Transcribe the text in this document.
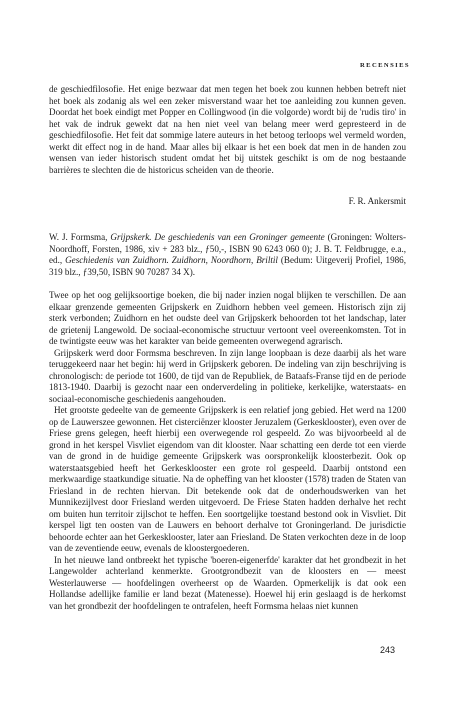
RECENSIES

de geschiedfilosofie. Het enige bezwaar dat men tegen het boek zou kunnen hebben betreft niet het boek als zodanig als wel een zeker misverstand waar het toe aanleiding zou kunnen geven. Doordat het boek eindigt met Popper en Collingwood (in die volgorde) wordt bij de 'rudis tiro' in het vak de indruk gewekt dat na hen niet veel van belang meer werd gepresteerd in de geschiedfilosofie. Het feit dat sommige latere auteurs in het betoog terloops wel vermeld worden, werkt dit effect nog in de hand. Maar alles bij elkaar is het een boek dat men in de handen zou wensen van ieder historisch student omdat het bij uitstek geschikt is om de nog bestaande barrières te slechten die de historicus scheiden van de theorie.

F. R. Ankersmit

W. J. Formsma, Grijpskerk. De geschiedenis van een Groninger gemeente (Groningen: Wolters-Noordhoff, Forsten, 1986, xiv + 283 blz., ƒ50,-, ISBN 90 6243 060 0); J. B. T. Feldbrugge, e.a., ed., Geschiedenis van Zuidhorn. Zuidhorn, Noordhorn, Briltil (Bedum: Uitgeverij Profiel, 1986, 319 blz., ƒ39,50, ISBN 90 70287 34 X).

Twee op het oog gelijksoortige boeken, die bij nader inzien nogal blijken te verschillen. De aan elkaar grenzende gemeenten Grijpskerk en Zuidhorn hebben veel gemeen. Historisch zijn zij sterk verbonden; Zuidhorn en het oudste deel van Grijpskerk behoorden tot het landschap, later de grietenij Langewold. De sociaal-economische structuur vertoont veel overeenkomsten. Tot in de twintigste eeuw was het karakter van beide gemeenten overwegend agrarisch.

Grijpskerk werd door Formsma beschreven. In zijn lange loopbaan is deze daarbij als het ware teruggekeerd naar het begin: hij werd in Grijpskerk geboren. De indeling van zijn beschrijving is chronologisch: de periode tot 1600, de tijd van de Republiek, de Bataafs-Franse tijd en de periode 1813-1940. Daarbij is gezocht naar een onderverdeling in politieke, kerkelijke, waterstaats- en sociaal-economische geschiedenis aangehouden.

Het grootste gedeelte van de gemeente Grijpskerk is een relatief jong gebied. Het werd na 1200 op de Lauwerszee gewonnen. Het cisterciënzer klooster Jeruzalem (Gerkesklooster), even over de Friese grens gelegen, heeft hierbij een overwegende rol gespeeld. Zo was bijvoorbeeld al de grond in het kerspel Visvliet eigendom van dit klooster. Naar schatting een derde tot een vierde van de grond in de huidige gemeente Grijpskerk was oorspronkelijk kloosterbezit. Ook op waterstaatsgebied heeft het Gerkesklooster een grote rol gespeeld. Daarbij ontstond een merkwaardige staatkundige situatie. Na de opheffing van het klooster (1578) traden de Staten van Friesland in de rechten hiervan. Dit betekende ook dat de onderhoudswerken van het Munnikezijlvest door Friesland werden uitgevoerd. De Friese Staten hadden derhalve het recht om buiten hun territoir zijlschot te heffen. Een soortgelijke toestand bestond ook in Visvliet. Dit kerspel ligt ten oosten van de Lauwers en behoort derhalve tot Groningerland. De jurisdictie behoorde echter aan het Gerkesklooster, later aan Friesland. De Staten verkochten deze in de loop van de zeventiende eeuw, evenals de kloostergoederen.

In het nieuwe land ontbreekt het typische 'boeren-eigenerfde' karakter dat het grondbezit in het Langewolder achterland kenmerkte. Grootgrondbezit van de kloosters en — meest Westerlauwerse — hoofdelingen overheerst op de Waarden. Opmerkelijk is dat ook een Hollandse adellijke familie er land bezat (Matenesse). Hoewel hij erin geslaagd is de herkomst van het grondbezit der hoofdelingen te ontrafelen, heeft Formsma helaas niet kunnen

243
